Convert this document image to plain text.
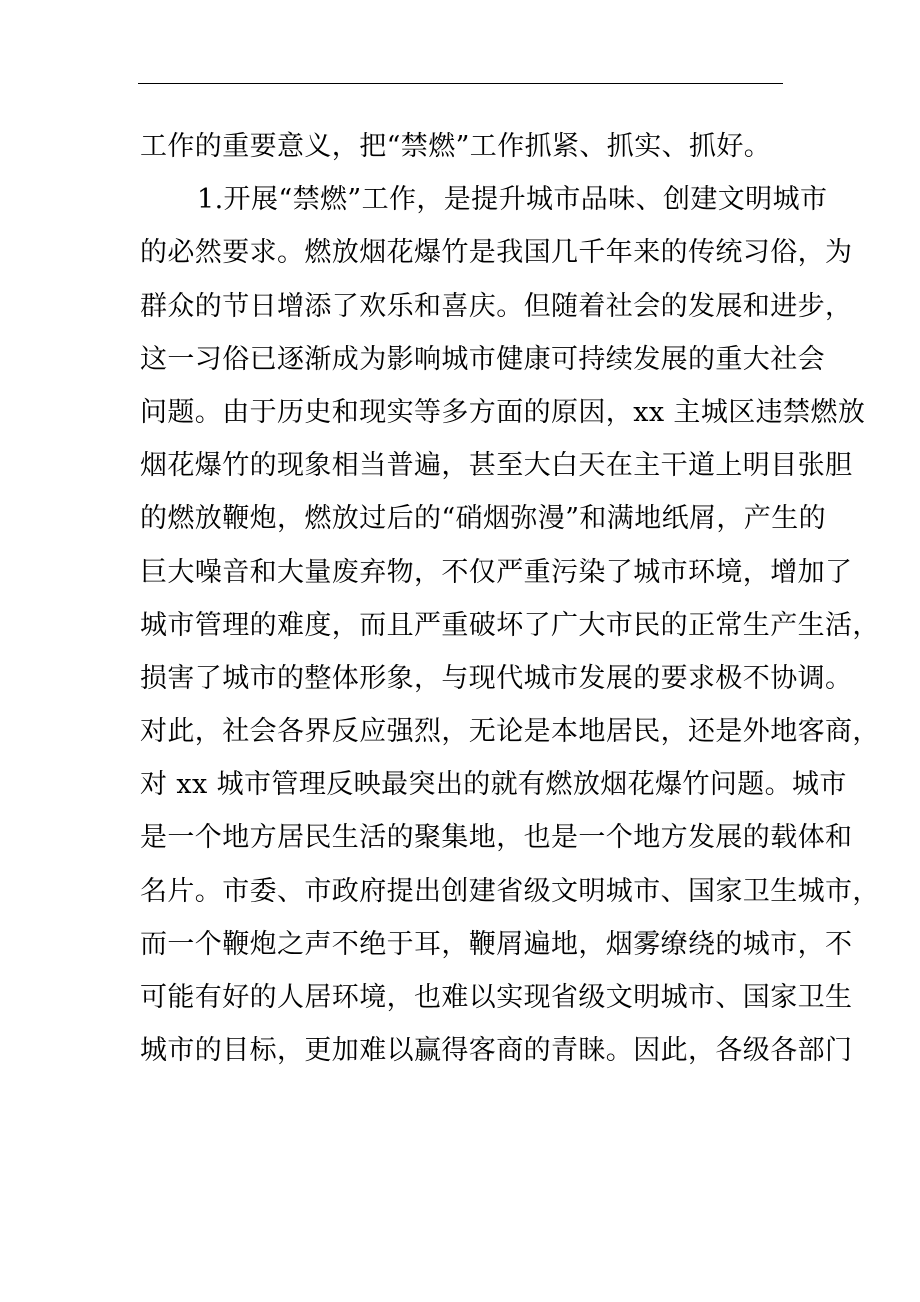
工作的重要意义，把“禁燃”工作抓紧、抓实、抓好。
1.开展“禁燃”工作，是提升城市品味、创建文明城市
的必然要求。燃放烟花爆竹是我国几千年来的传统习俗，为
群众的节日增添了欢乐和喜庆。但随着社会的发展和进步，
这一习俗已逐渐成为影响城市健康可持续发展的重大社会
问题。由于历史和现实等多方面的原因，xx 主城区违禁燃放
烟花爆竹的现象相当普遍，甚至大白天在主干道上明目张胆
的燃放鞭炮，燃放过后的“硝烟弥漫”和满地纸屑，产生的
巨大噪音和大量废弃物，不仅严重污染了城市环境，增加了
城市管理的难度，而且严重破坏了广大市民的正常生产生活，
损害了城市的整体形象，与现代城市发展的要求极不协调。
对此，社会各界反应强烈，无论是本地居民，还是外地客商，
对 xx 城市管理反映最突出的就有燃放烟花爆竹问题。城市
是一个地方居民生活的聚集地，也是一个地方发展的载体和
名片。市委、市政府提出创建省级文明城市、国家卫生城市，
而一个鞭炮之声不绝于耳，鞭屑遍地，烟雾缭绕的城市，不
可能有好的人居环境，也难以实现省级文明城市、国家卫生
城市的目标，更加难以赢得客商的青睐。因此，各级各部门
